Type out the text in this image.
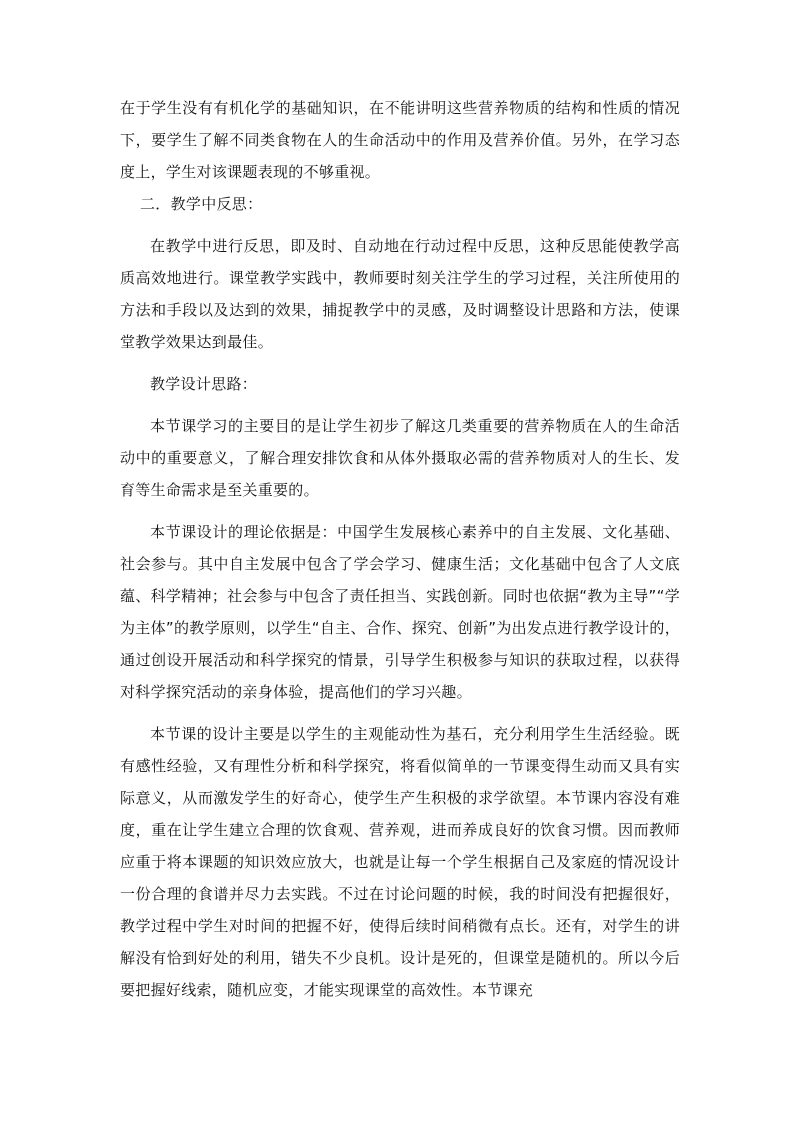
在于学生没有有机化学的基础知识，在不能讲明这些营养物质的结构和性质的情况下，要学生了解不同类食物在人的生命活动中的作用及营养价值。另外，在学习态度上，学生对该课题表现的不够重视。

二．教学中反思：

在教学中进行反思，即及时、自动地在行动过程中反思，这种反思能使教学高质高效地进行。课堂教学实践中，教师要时刻关注学生的学习过程，关注所使用的方法和手段以及达到的效果，捕捉教学中的灵感，及时调整设计思路和方法，使课堂教学效果达到最佳。

教学设计思路：

本节课学习的主要目的是让学生初步了解这几类重要的营养物质在人的生命活动中的重要意义，了解合理安排饮食和从体外摄取必需的营养物质对人的生长、发育等生命需求是至关重要的。

本节课设计的理论依据是：中国学生发展核心素养中的自主发展、文化基础、社会参与。其中自主发展中包含了学会学习、健康生活；文化基础中包含了人文底蕴、科学精神；社会参与中包含了责任担当、实践创新。同时也依据“教为主导”“学为主体”的教学原则，以学生“自主、合作、探究、创新”为出发点进行教学设计的，通过创设开展活动和科学探究的情景，引导学生积极参与知识的获取过程，以获得对科学探究活动的亲身体验，提高他们的学习兴趣。

本节课的设计主要是以学生的主观能动性为基石，充分利用学生生活经验。既有感性经验，又有理性分析和科学探究，将看似简单的一节课变得生动而又具有实际意义，从而激发学生的好奇心，使学生产生积极的求学欲望。本节课内容没有难度，重在让学生建立合理的饮食观、营养观，进而养成良好的饮食习惯。因而教师应重于将本课题的知识效应放大，也就是让每一个学生根据自己及家庭的情况设计一份合理的食谱并尽力去实践。不过在讨论问题的时候，我的时间没有把握很好，教学过程中学生对时间的把握不好，使得后续时间稍微有点长。还有，对学生的讲解没有恰到好处的利用，错失不少良机。设计是死的，但课堂是随机的。所以今后要把握好线索，随机应变，才能实现课堂的高效性。本节课充
